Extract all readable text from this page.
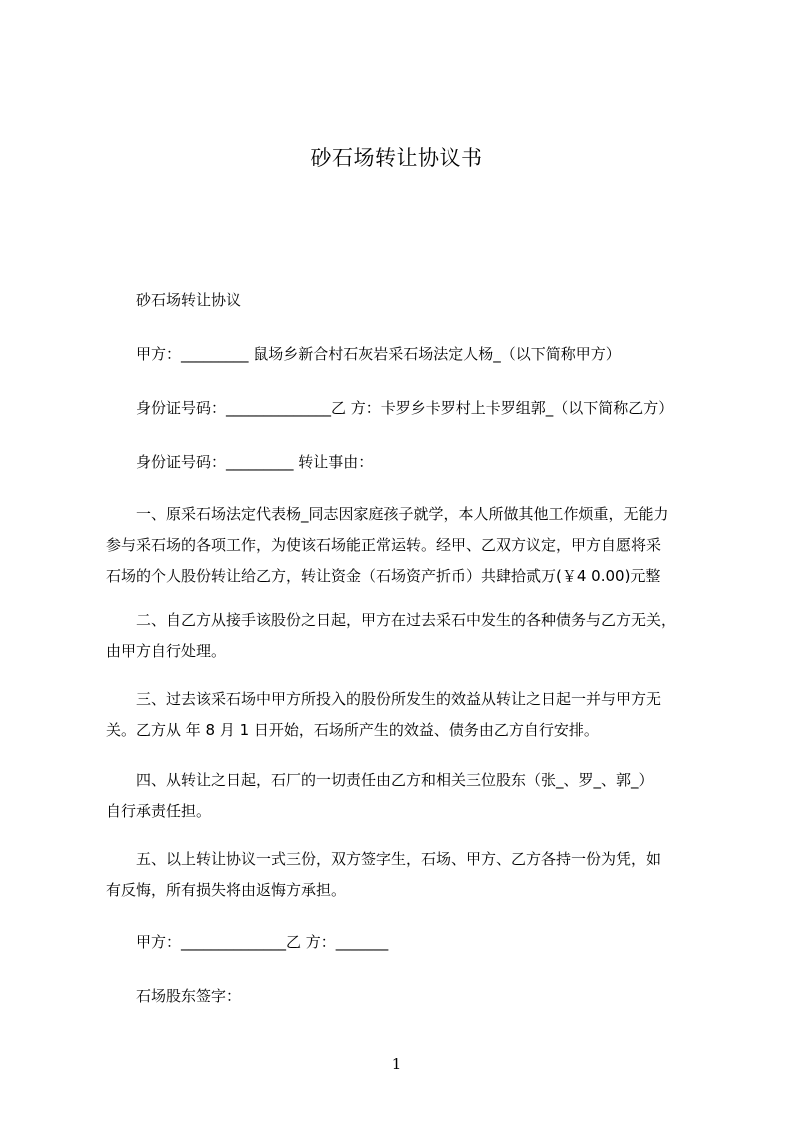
砂石场转让协议书

砂石场转让协议

甲方：_________ 鼠场乡新合村石灰岩采石场法定人杨_（以下简称甲方）

身份证号码：______________乙 方：卡罗乡卡罗村上卡罗组郭_（以下简称乙方）

身份证号码：_________ 转让事由：

一、原采石场法定代表杨_同志因家庭孩子就学，本人所做其他工作烦重，无能力
参与采石场的各项工作，为使该石场能正常运转。经甲、乙双方议定，甲方自愿将采
石场的个人股份转让给乙方，转让资金（石场资产折币）共肆拾贰万(￥4 0.00)元整
二、自乙方从接手该股份之日起，甲方在过去采石中发生的各种债务与乙方无关，
由甲方自行处理。
三、过去该采石场中甲方所投入的股份所发生的效益从转让之日起一并与甲方无
关。乙方从 年 8 月 1 日开始，石场所产生的效益、债务由乙方自行安排。
四、从转让之日起，石厂的一切责任由乙方和相关三位股东（张_、罗_、郭_）
自行承责任担。
五、以上转让协议一式三份，双方签字生，石场、甲方、乙方各持一份为凭，如
有反悔，所有损失将由返悔方承担。

甲方：______________乙 方：_______

石场股东签字：

1
